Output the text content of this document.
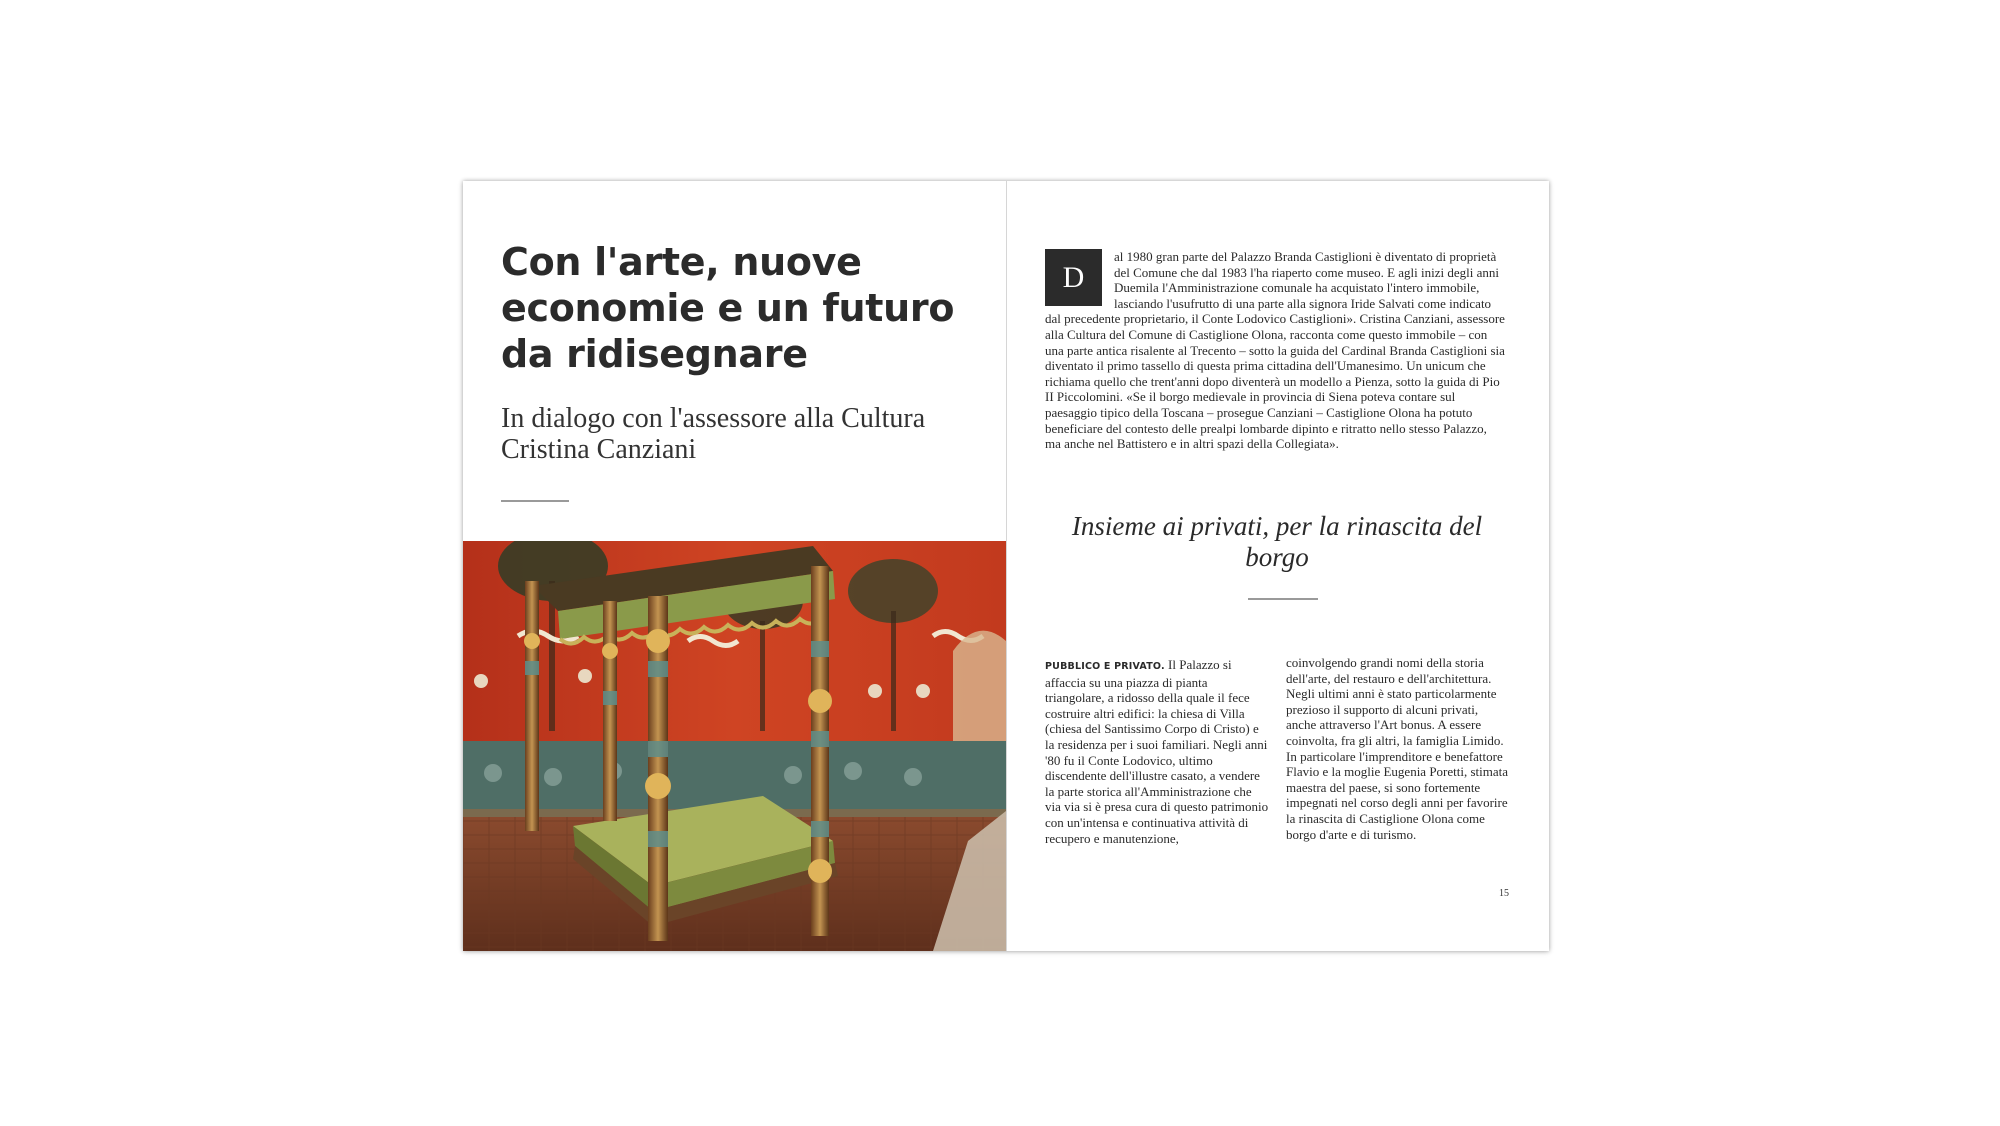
Con l'arte, nuove economie e un futuro da ridisegnare
In dialogo con l'assessore alla Cultura Cristina Canziani

D
al 1980 gran parte del Palazzo Branda Castiglioni è diventato di proprietà del Comune che dal 1983 l'ha riaperto come museo. E agli inizi degli anni Duemila l'Amministrazione comunale ha acquistato l'intero immobile, lasciando l'usufrutto di una parte alla signora Iride Salvati come indicato dal precedente proprietario, il Conte Lodovico Castiglioni». Cristina Canziani, assessore alla Cultura del Comune di Castiglione Olona, racconta come questo immobile – con una parte antica risalente al Trecento – sotto la guida del Cardinal Branda Castiglioni sia diventato il primo tassello di questa prima cittadina dell'Umanesimo. Un unicum che richiama quello che trent'anni dopo diventerà un modello a Pienza, sotto la guida di Pio II Piccolomini. «Se il borgo medievale in provincia di Siena poteva contare sul paesaggio tipico della Toscana – prosegue Canziani – Castiglione Olona ha potuto beneficiare del contesto delle prealpi lombarde dipinto e ritratto nello stesso Palazzo, ma anche nel Battistero e in altri spazi della Collegiata».

Insieme ai privati, per la rinascita del borgo

PUBBLICO E PRIVATO. Il Palazzo si affaccia su una piazza di pianta triangolare, a ridosso della quale il fece costruire altri edifici: la chiesa di Villa (chiesa del Santissimo Corpo di Cristo) e la residenza per i suoi familiari. Negli anni '80 fu il Conte Lodovico, ultimo discendente dell'illustre casato, a vendere la parte storica all'Amministrazione che via via si è presa cura di questo patrimonio con un'intensa e continuativa attività di recupero e manutenzione,

coinvolgendo grandi nomi della storia dell'arte, del restauro e dell'architettura. Negli ultimi anni è stato particolarmente prezioso il supporto di alcuni privati, anche attraverso l'Art bonus. A essere coinvolta, fra gli altri, la famiglia Limido. In particolare l'imprenditore e benefattore Flavio e la moglie Eugenia Poretti, stimata maestra del paese, si sono fortemente impegnati nel corso degli anni per favorire la rinascita di Castiglione Olona come borgo d'arte e di turismo.

15
